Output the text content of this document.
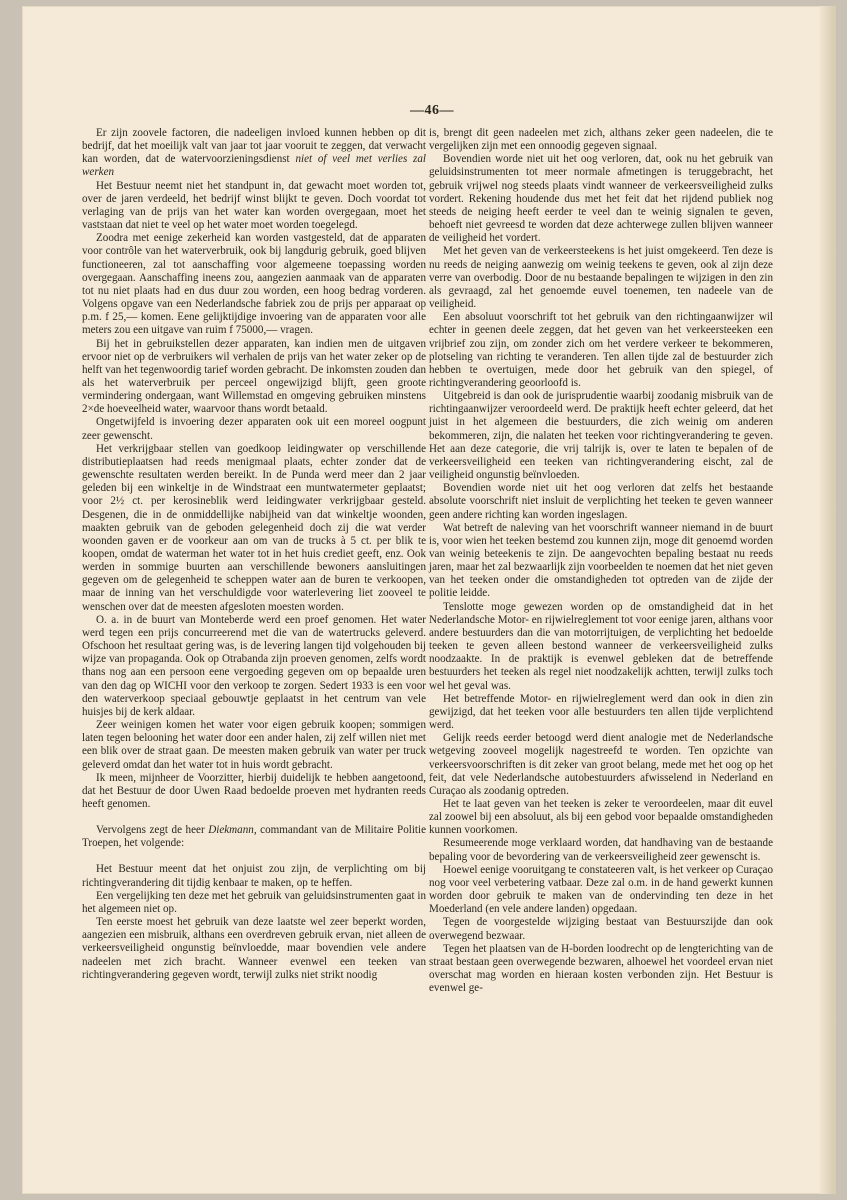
—46—

Er zijn zoovele factoren, die nadeeligen invloed kunnen hebben op dit bedrijf, dat het moeilijk valt van jaar tot jaar vooruit te zeggen, dat verwacht kan worden, dat de watervoorzieningsdienst niet of veel met verlies zal werken

Het Bestuur neemt niet het standpunt in, dat gewacht moet worden tot, over de jaren verdeeld, het bedrijf winst blijkt te geven. Doch voordat tot verlaging van de prijs van het water kan worden overgegaan, moet het vaststaan dat niet te veel op het water moet worden toegelegd.

Zoodra met eenige zekerheid kan worden vastgesteld, dat de apparaten voor contrôle van het waterverbruik, ook bij langdurig gebruik, goed blijven functioneeren, zal tot aanschaffing voor algemeene toepassing worden overgegaan. Aanschaffing ineens zou, aangezien aanmaak van de apparaten tot nu niet plaats had en dus duur zou worden, een hoog bedrag vorderen. Volgens opgave van een Nederlandsche fabriek zou de prijs per apparaat op p.m. f 25,— komen. Eene gelijktijdige invoering van de apparaten voor alle meters zou een uitgave van ruim f 75000,— vragen.

Bij het in gebruikstellen dezer apparaten, kan indien men de uitgaven ervoor niet op de verbruikers wil verhalen de prijs van het water zeker op de helft van het tegenwoordig tarief worden gebracht. De inkomsten zouden dan als het waterverbruik per perceel ongewijzigd blijft, geen groote vermindering ondergaan, want Willemstad en omgeving gebruiken minstens 2×de hoeveelheid water, waarvoor thans wordt betaald.

Ongetwijfeld is invoering dezer apparaten ook uit een moreel oogpunt zeer gewenscht.

Het verkrijgbaar stellen van goedkoop leidingwater op verschillende distributieplaatsen had reeds menigmaal plaats, echter zonder dat de gewenschte resultaten werden bereikt. In de Punda werd meer dan 2 jaar geleden bij een winkeltje in de Windstraat een muntwatermeter geplaatst; voor 2½ ct. per kerosineblik werd leidingwater verkrijgbaar gesteld. Desgenen, die in de onmiddellijke nabijheid van dat winkeltje woonden, maakten gebruik van de geboden gelegenheid doch zij die wat verder woonden gaven er de voorkeur aan om van de trucks à 5 ct. per blik te koopen, omdat de waterman het water tot in het huis crediet geeft, enz. Ook werden in sommige buurten aan verschillende bewoners aansluitingen gegeven om de gelegenheid te scheppen water aan de buren te verkoopen, maar de inning van het verschuldigde voor waterlevering liet zooveel te wenschen over dat de meesten afgesloten moesten worden.

O. a. in de buurt van Monteberde werd een proef genomen. Het water werd tegen een prijs concurreerend met die van de watertrucks geleverd. Ofschoon het resultaat gering was, is de levering langen tijd volgehouden bij wijze van propaganda. Ook op Otrabanda zijn proeven genomen, zelfs wordt thans nog aan een persoon eene vergoeding gegeven om op bepaalde uren van den dag op WICHI voor den verkoop te zorgen. Sedert 1933 is een voor den waterverkoop speciaal gebouwtje geplaatst in het centrum van vele huisjes bij de kerk aldaar.

Zeer weinigen komen het water voor eigen gebruik koopen; sommigen laten tegen belooning het water door een ander halen, zij zelf willen niet met een blik over de straat gaan. De meesten maken gebruik van water per truck geleverd omdat dan het water tot in huis wordt gebracht.

Ik meen, mijnheer de Voorzitter, hierbij duidelijk te hebben aangetoond, dat het Bestuur de door Uwen Raad bedoelde proeven met hydranten reeds heeft genomen.

Vervolgens zegt de heer Diekmann, commandant van de Militaire Politie Troepen, het volgende:

Het Bestuur meent dat het onjuist zou zijn, de verplichting om bij richtingverandering dit tijdig kenbaar te maken, op te heffen.

Een vergelijking ten deze met het gebruik van geluidsinstrumenten gaat in het algemeen niet op.

Ten eerste moest het gebruik van deze laatste wel zeer beperkt worden, aangezien een misbruik, althans een overdreven gebruik ervan, niet alleen de verkeersveiligheid ongunstig beïnvloedde, maar bovendien vele andere nadeelen met zich bracht. Wanneer evenwel een teeken van richtingverandering gegeven wordt, terwijl zulks niet strikt noodig

is, brengt dit geen nadeelen met zich, althans zeker geen nadeelen, die te vergelijken zijn met een onnoodig gegeven signaal.

Bovendien worde niet uit het oog verloren, dat, ook nu het gebruik van geluidsinstrumenten tot meer normale afmetingen is teruggebracht, het gebruik vrijwel nog steeds plaats vindt wanneer de verkeersveiligheid zulks vordert. Rekening houdende dus met het feit dat het rijdend publiek nog steeds de neiging heeft eerder te veel dan te weinig signalen te geven, behoeft niet gevreesd te worden dat deze achterwege zullen blijven wanneer de veiligheid het vordert.

Met het geven van de verkeersteekens is het juist omgekeerd. Ten deze is nu reeds de neiging aanwezig om weinig teekens te geven, ook al zijn deze verre van overbodig. Door de nu bestaande bepalingen te wijzigen in den zin als gevraagd, zal het genoemde euvel toenemen, ten nadeele van de veiligheid.

Een absoluut voorschrift tot het gebruik van den richtingaanwijzer wil echter in geenen deele zeggen, dat het geven van het verkeersteeken een vrijbrief zou zijn, om zonder zich om het verdere verkeer te bekommeren, plotseling van richting te veranderen. Ten allen tijde zal de bestuurder zich hebben te overtuigen, mede door het gebruik van den spiegel, of richtingverandering geoorloofd is.

Uitgebreid is dan ook de jurisprudentie waarbij zoodanig misbruik van de richtingaanwijzer veroordeeld werd. De praktijk heeft echter geleerd, dat het juist in het algemeen die bestuurders, die zich weinig om anderen bekommeren, zijn, die nalaten het teeken voor richtingverandering te geven. Het aan deze categorie, die vrij talrijk is, over te laten te bepalen of de verkeersveiligheid een teeken van richtingverandering eischt, zal de veiligheid ongunstig beïnvloeden.

Bovendien worde niet uit het oog verloren dat zelfs het bestaande absolute voorschrift niet insluit de verplichting het teeken te geven wanneer geen andere richting kan worden ingeslagen.

Wat betreft de naleving van het voorschrift wanneer niemand in de buurt is, voor wien het teeken bestemd zou kunnen zijn, moge dit genoemd worden van weinig beteekenis te zijn. De aangevochten bepaling bestaat nu reeds jaren, maar het zal bezwaarlijk zijn voorbeelden te noemen dat het niet geven van het teeken onder die omstandigheden tot optreden van de zijde der politie leidde.

Tenslotte moge gewezen worden op de omstandigheid dat in het Nederlandsche Motor- en rijwielreglement tot voor eenige jaren, althans voor andere bestuurders dan die van motorrijtuigen, de verplichting het bedoelde teeken te geven alleen bestond wanneer de verkeersveiligheid zulks noodzaakte. In de praktijk is evenwel gebleken dat de betreffende bestuurders het teeken als regel niet noodzakelijk achtten, terwijl zulks toch wel het geval was.

Het betreffende Motor- en rijwielreglement werd dan ook in dien zin gewijzigd, dat het teeken voor alle bestuurders ten allen tijde verplichtend werd.

Gelijk reeds eerder betoogd werd dient analogie met de Nederlandsche wetgeving zooveel mogelijk nagestreefd te worden. Ten opzichte van verkeersvoorschriften is dit zeker van groot belang, mede met het oog op het feit, dat vele Nederlandsche autobestuurders afwisselend in Nederland en Curaçao als zoodanig optreden.

Het te laat geven van het teeken is zeker te veroordeelen, maar dit euvel zal zoowel bij een absoluut, als bij een gebod voor bepaalde omstandigheden kunnen voorkomen.

Resumeerende moge verklaard worden, dat handhaving van de bestaande bepaling voor de bevordering van de verkeersveiligheid zeer gewenscht is.

Hoewel eenige vooruitgang te constateeren valt, is het verkeer op Curaçao nog voor veel verbetering vatbaar. Deze zal o.m. in de hand gewerkt kunnen worden door gebruik te maken van de ondervinding ten deze in het Moederland (en vele andere landen) opgedaan.

Tegen de voorgestelde wijziging bestaat van Bestuurszijde dan ook overwegend bezwaar.

Tegen het plaatsen van de H-borden loodrecht op de lengterichting van de straat bestaan geen overwegende bezwaren, alhoewel het voordeel ervan niet overschat mag worden en hieraan kosten verbonden zijn. Het Bestuur is evenwel ge-
